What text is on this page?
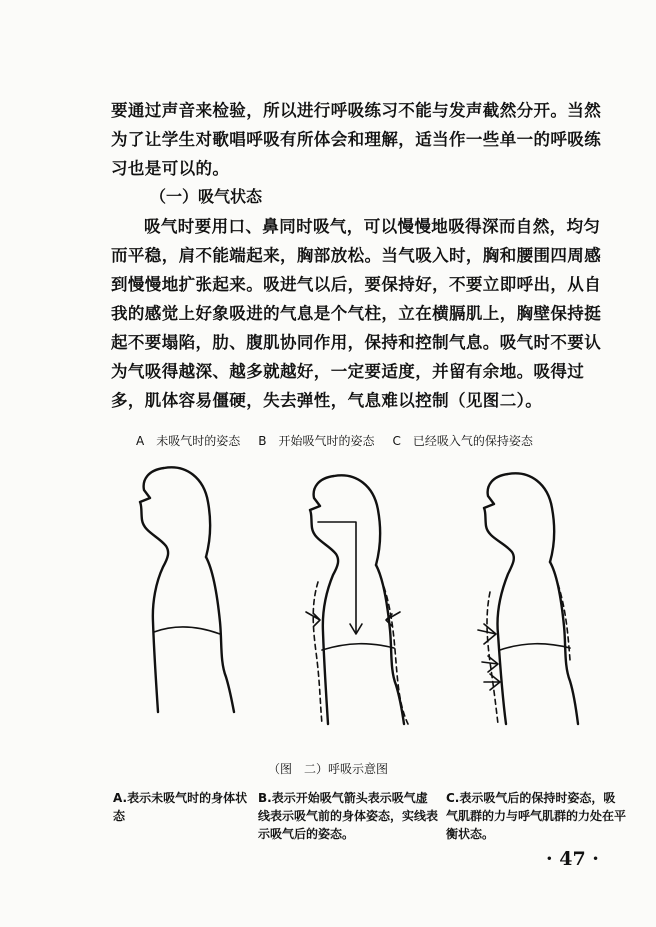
要通过声音来检验，所以进行呼吸练习不能与发声截然分开。当然为了让学生对歌唱呼吸有所体会和理解，适当作一些单一的呼吸练习也是可以的。

（一）吸气状态

吸气时要用口、鼻同时吸气，可以慢慢地吸得深而自然，均匀而平稳，肩不能端起来，胸部放松。当气吸入时，胸和腰围四周感到慢慢地扩张起来。吸进气以后，要保持好，不要立即呼出，从自我的感觉上好象吸进的气息是个气柱，立在横膈肌上，胸壁保持挺起不要塌陷，肋、腹肌协同作用，保持和控制气息。吸气时不要认为气吸得越深、越多就越好，一定要适度，并留有余地。吸得过多，肌体容易僵硬，失去弹性，气息难以控制（见图二）。

A　未吸气时的姿态 B　开始吸气时的姿态 C　已经吸入气的保持姿态
（图　二）呼吸示意图
A.表示未吸气时的身体状态
B.表示开始吸气箭头表示吸气虚线表示吸气前的身体姿态，实线表示吸气后的姿态。
C.表示吸气后的保持时姿态，吸气肌群的力与呼气肌群的力处在平衡状态。
· 47 ·
